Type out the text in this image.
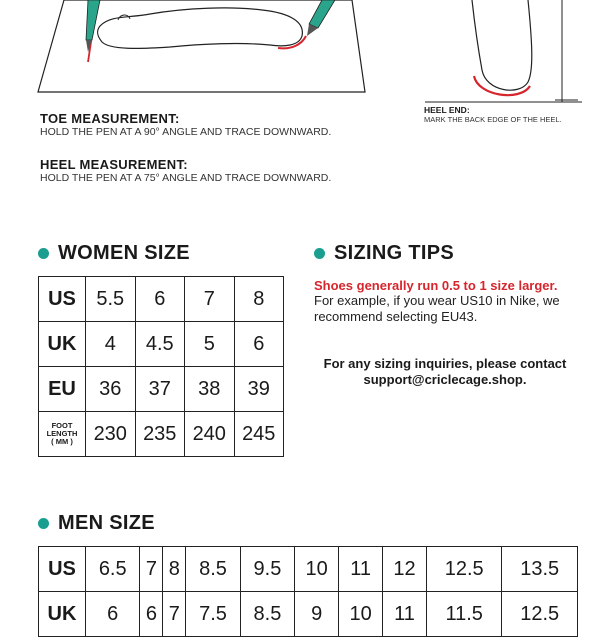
TOE MEASUREMENT:
HOLD THE PEN AT A 90° ANGLE AND TRACE DOWNWARD.
HEEL MEASUREMENT:
HOLD THE PEN AT A 75° ANGLE AND TRACE DOWNWARD.
HEEL END:
MARK THE BACK EDGE OF THE HEEL.
WOMEN SIZE
US	5.5	6	7	8
UK	4	4.5	5	6
EU	36	37	38	39

FOOT
LENGTH
( MM )	230	235	240	245
SIZING TIPS
Shoes generally run 0.5 to 1 size larger.
For example, if you wear US10 in Nike, we
recommend selecting EU43.
For any sizing inquiries, please contact
support@criclecage.shop.
MEN SIZE
US	6.5	7	8	8.5	9.5	10	11	12	12.5	13.5
UK	6	6	7	7.5	8.5	9	10	11	11.5	12.5
